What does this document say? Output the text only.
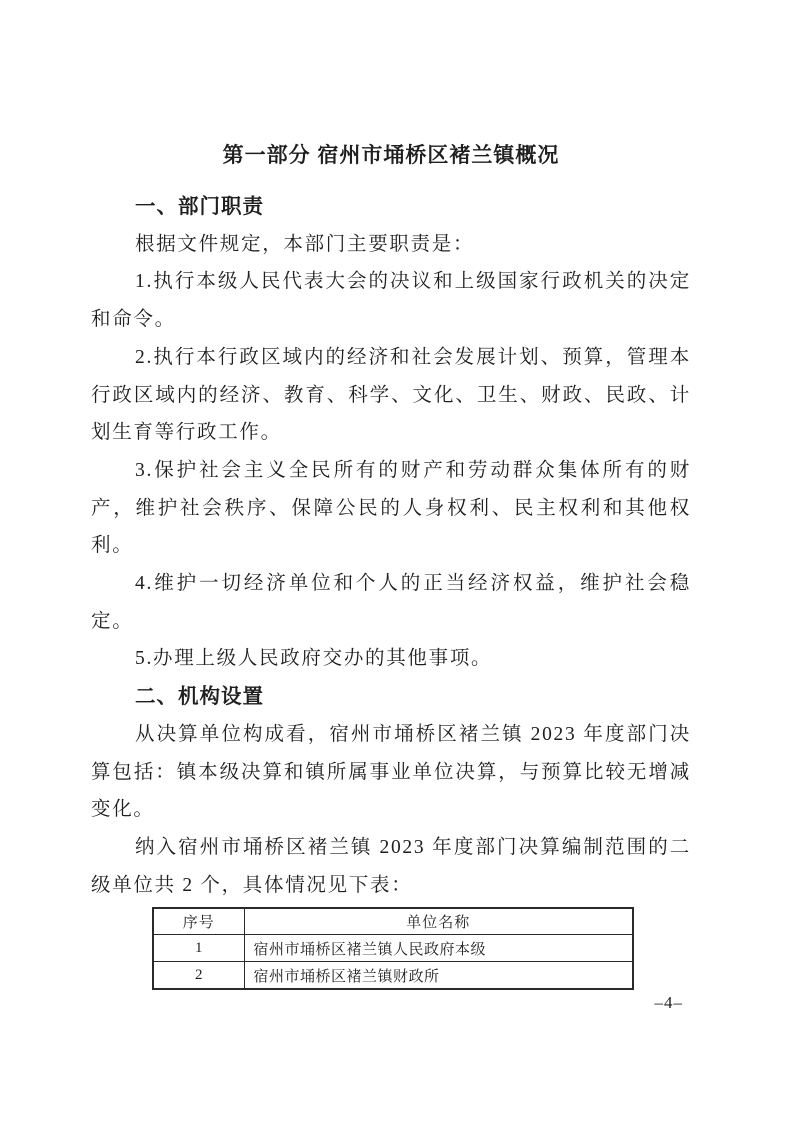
第一部分 宿州市埇桥区褚兰镇概况
一、部门职责

根据文件规定，本部门主要职责是：

1.执行本级人民代表大会的决议和上级国家行政机关的决定和命令。

2.执行本行政区域内的经济和社会发展计划、预算，管理本行政区域内的经济、教育、科学、文化、卫生、财政、民政、计划生育等行政工作。

3.保护社会主义全民所有的财产和劳动群众集体所有的财产，维护社会秩序、保障公民的人身权利、民主权利和其他权利。

4.维护一切经济单位和个人的正当经济权益，维护社会稳定。

5.办理上级人民政府交办的其他事项。

二、机构设置

从决算单位构成看，宿州市埇桥区褚兰镇 2023 年度部门决算包括：镇本级决算和镇所属事业单位决算，与预算比较无增减变化。

纳入宿州市埇桥区褚兰镇 2023 年度部门决算编制范围的二级单位共 2 个，具体情况见下表：

序号	单位名称
1	宿州市埇桥区褚兰镇人民政府本级
2	宿州市埇桥区褚兰镇财政所
–4–
